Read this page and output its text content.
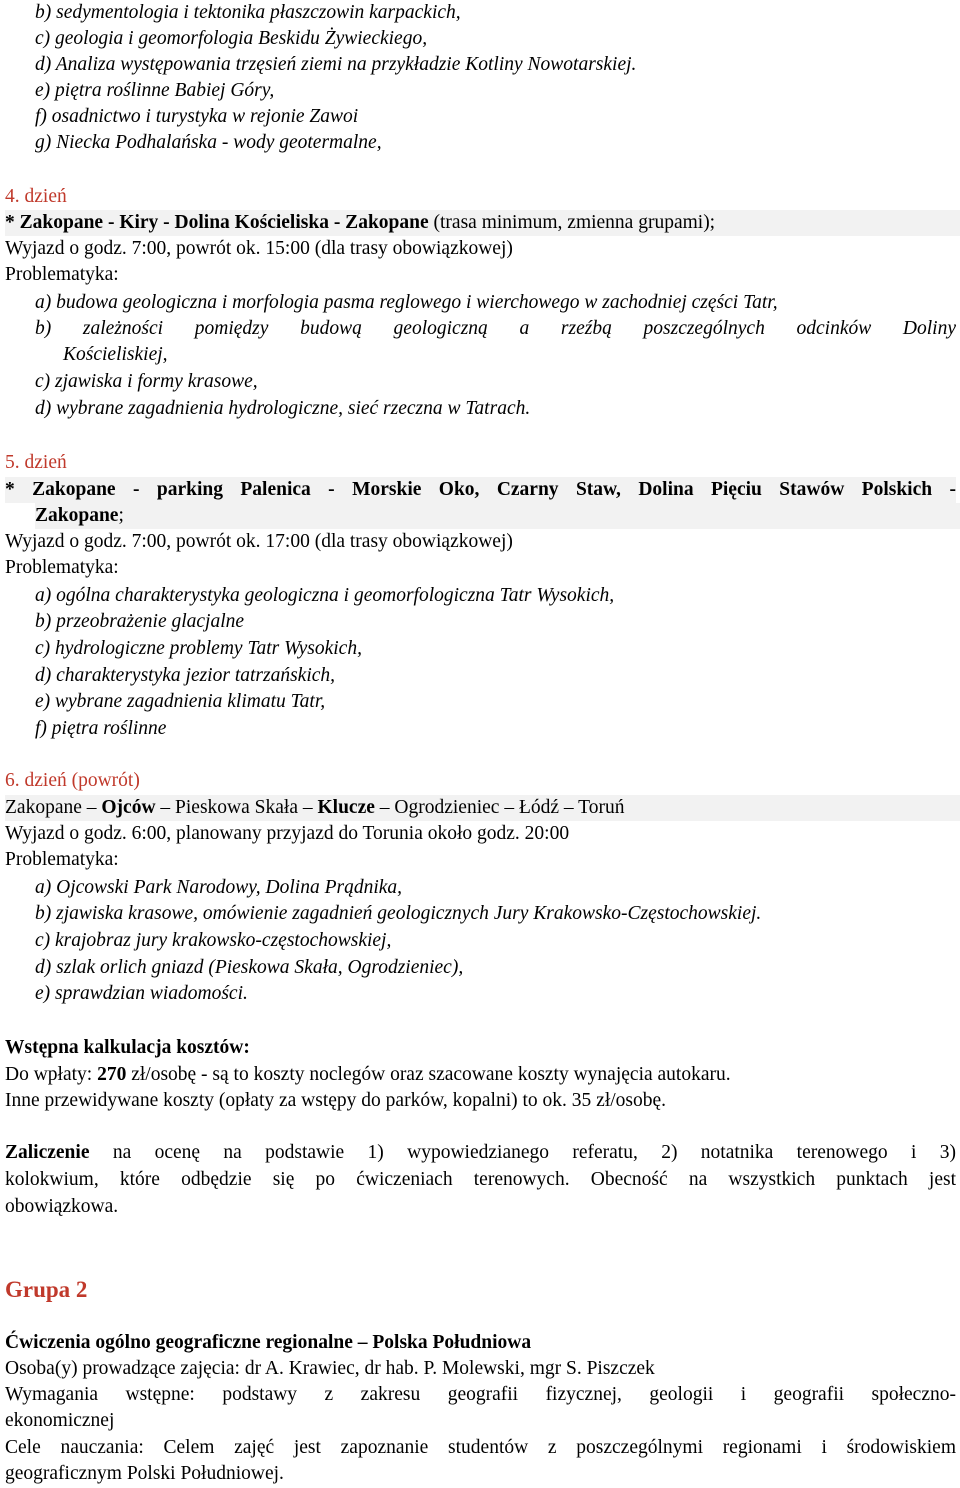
b) sedymentologia i tektonika płaszczowin karpackich,
c) geologia i geomorfologia Beskidu Żywieckiego,
d) Analiza występowania trzęsień ziemi na przykładzie Kotliny Nowotarskiej.
e) piętra roślinne Babiej Góry,
f) osadnictwo i turystyka w rejonie Zawoi
g) Niecka Podhalańska - wody geotermalne,
4. dzień
* Zakopane - Kiry - Dolina Kościeliska - Zakopane (trasa minimum, zmienna grupami);
Wyjazd o godz. 7:00, powrót ok. 15:00 (dla trasy obowiązkowej)
Problematyka:
a) budowa geologiczna i morfologia pasma reglowego i wierchowego w zachodniej części Tatr,
b) zależności pomiędzy budową geologiczną a rzeźbą poszczególnych odcinków Doliny
Kościeliskiej,
c) zjawiska i formy krasowe,
d) wybrane zagadnienia hydrologiczne, sieć rzeczna w Tatrach.
5. dzień
* Zakopane - parking Palenica - Morskie Oko, Czarny Staw, Dolina Pięciu Stawów Polskich -
Zakopane;
Wyjazd o godz. 7:00, powrót ok. 17:00 (dla trasy obowiązkowej)
Problematyka:
a) ogólna charakterystyka geologiczna i geomorfologiczna Tatr Wysokich,
b) przeobrażenie glacjalne
c) hydrologiczne problemy Tatr Wysokich,
d) charakterystyka jezior tatrzańskich,
e) wybrane zagadnienia klimatu Tatr,
f) piętra roślinne
6. dzień (powrót)
Zakopane – Ojców – Pieskowa Skała – Klucze – Ogrodzieniec – Łódź – Toruń
Wyjazd o godz. 6:00, planowany przyjazd do Torunia około godz. 20:00
Problematyka:
a) Ojcowski Park Narodowy, Dolina Prądnika,
b) zjawiska krasowe, omówienie zagadnień geologicznych Jury Krakowsko-Częstochowskiej.
c) krajobraz jury krakowsko-częstochowskiej,
d) szlak orlich gniazd (Pieskowa Skała, Ogrodzieniec),
e) sprawdzian wiadomości.
Wstępna kalkulacja kosztów:
Do wpłaty: 270 zł/osobę - są to koszty noclegów oraz szacowane koszty wynajęcia autokaru.
Inne przewidywane koszty (opłaty za wstępy do parków, kopalni) to ok. 35 zł/osobę.
Zaliczenie na ocenę na podstawie 1) wypowiedzianego referatu, 2) notatnika terenowego i 3)
kolokwium, które odbędzie się po ćwiczeniach terenowych. Obecność na wszystkich punktach jest
obowiązkowa.
Grupa 2
Ćwiczenia ogólno geograficzne regionalne – Polska Południowa
Osoba(y) prowadzące zajęcia: dr A. Krawiec, dr hab. P. Molewski, mgr S. Piszczek
Wymagania wstępne: podstawy z zakresu geografii fizycznej, geologii i geografii społeczno-
ekonomicznej
Cele nauczania: Celem zajęć jest zapoznanie studentów z poszczególnymi regionami i środowiskiem
geograficznym Polski Południowej.
